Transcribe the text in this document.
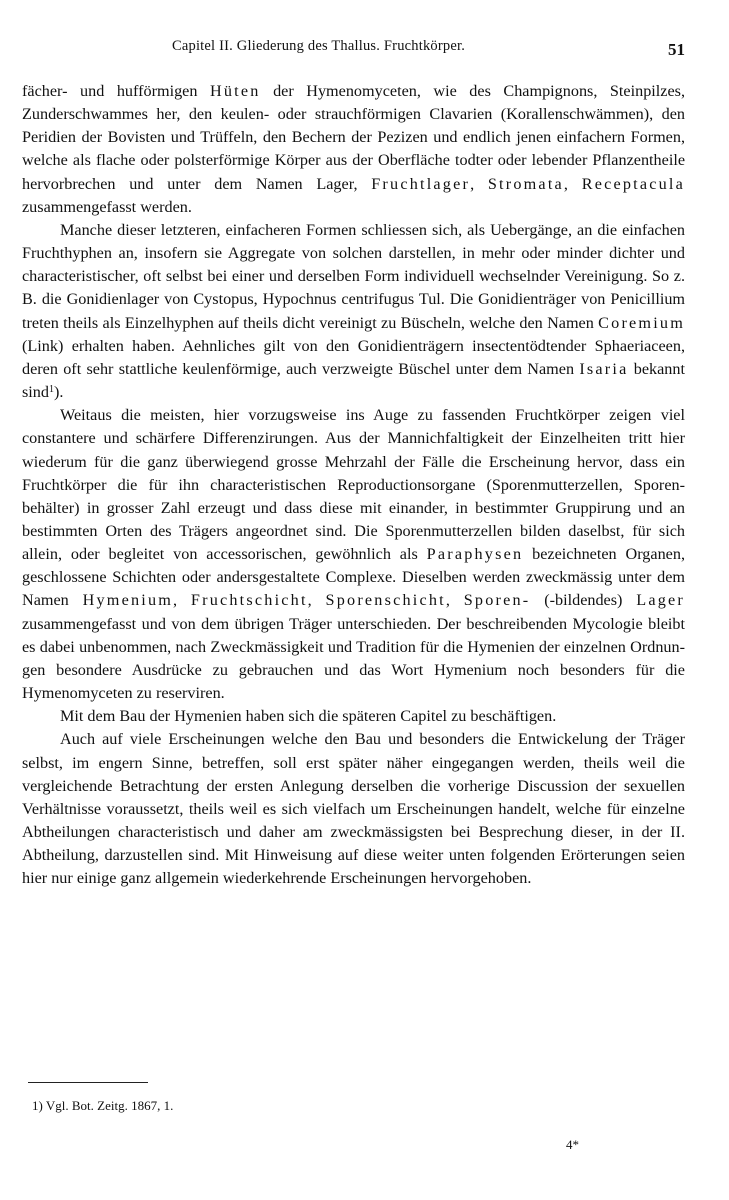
Capitel II. Gliederung des Thallus. Fruchtkörper.	51

fächer- und hufförmigen Hüten der Hymenomyceten, wie des Champignons, Steinpilzes, Zunderschwammes her, den keulen- oder strauchförmigen Clavarien (Korallenschwämmen), den Peridien der Bovisten und Trüffeln, den Bechern der Pezizen und endlich jenen einfachern Formen, welche als flache oder polsterförmige Körper aus der Oberfläche todter oder lebender Pflanzentheile hervorbrechen und unter dem Namen Lager, Fruchtlager, Stromata, Receptacula zusammengefasst werden.

Manche dieser letzteren, einfacheren Formen schliessen sich, als Uebergänge, an die einfachen Fruchthyphen an, insofern sie Aggregate von solchen darstellen, in mehr oder minder dichter und characteristischer, oft selbst bei einer und derselben Form individuell wechselnder Vereinigung. So z. B. die Gonidienlager von Cystopus, Hypochnus centrifugus Tul. Die Gonidienträger von Penicillium treten theils als Einzelhyphen auf theils dicht vereinigt zu Büscheln, welche den Namen Coremium (Link) erhalten haben. Aehnliches gilt von den Gonidienträgern insectentödtender Sphaeriaceen, deren oft sehr stattliche keulenförmige, auch verzweigte Büschel unter dem Namen Isaria bekannt sind$^1$).

Weitaus die meisten, hier vorzugsweise ins Auge zu fassenden Fruchtkörper zeigen viel constantere und schärfere Differenzirungen. Aus der Mannichfaltigkeit der Einzelheiten tritt hier wiederum für die ganz überwiegend grosse Mehrzahl der Fälle die Erscheinung hervor, dass ein Fruchtkörper die für ihn characteristischen Reproductionsorgane (Sporenmutterzellen, Sporenbehälter) in grosser Zahl erzeugt und dass diese mit einander, in bestimmter Gruppirung und an bestimmten Orten des Trägers angeordnet sind. Die Sporenmutterzellen bilden daselbst, für sich allein, oder begleitet von accessorischen, gewöhnlich als Paraphysen bezeichneten Organen, geschlossene Schichten oder andersgestaltete Complexe. Dieselben werden zweckmässig unter dem Namen Hymenium, Fruchtschicht, Sporenschicht, Sporen- (-bildendes) Lager zusammengefasst und von dem übrigen Träger unterschieden. Der beschreibenden Mycologie bleibt es dabei unbenommen, nach Zweckmässigkeit und Tradition für die Hymenien der einzelnen Ordnungen besondere Ausdrücke zu gebrauchen und das Wort Hymenium noch besonders für die Hymenomyceten zu reserviren.

Mit dem Bau der Hymenien haben sich die späteren Capitel zu beschäftigen.

Auch auf viele Erscheinungen welche den Bau und besonders die Entwickelung der Träger selbst, im engern Sinne, betreffen, soll erst später näher eingegangen werden, theils weil die vergleichende Betrachtung der ersten Anlegung derselben die vorherige Discussion der sexuellen Verhältnisse voraussetzt, theils weil es sich vielfach um Erscheinungen handelt, welche für einzelne Abtheilungen characteristisch und daher am zweckmässigsten bei Besprechung dieser, in der II. Abtheilung, darzustellen sind. Mit Hinweisung auf diese weiter unten folgenden Erörterungen seien hier nur einige ganz allgemein wiederkehrende Erscheinungen hervorgehoben.

1) Vgl. Bot. Zeitg. 1867, 1.
4*
